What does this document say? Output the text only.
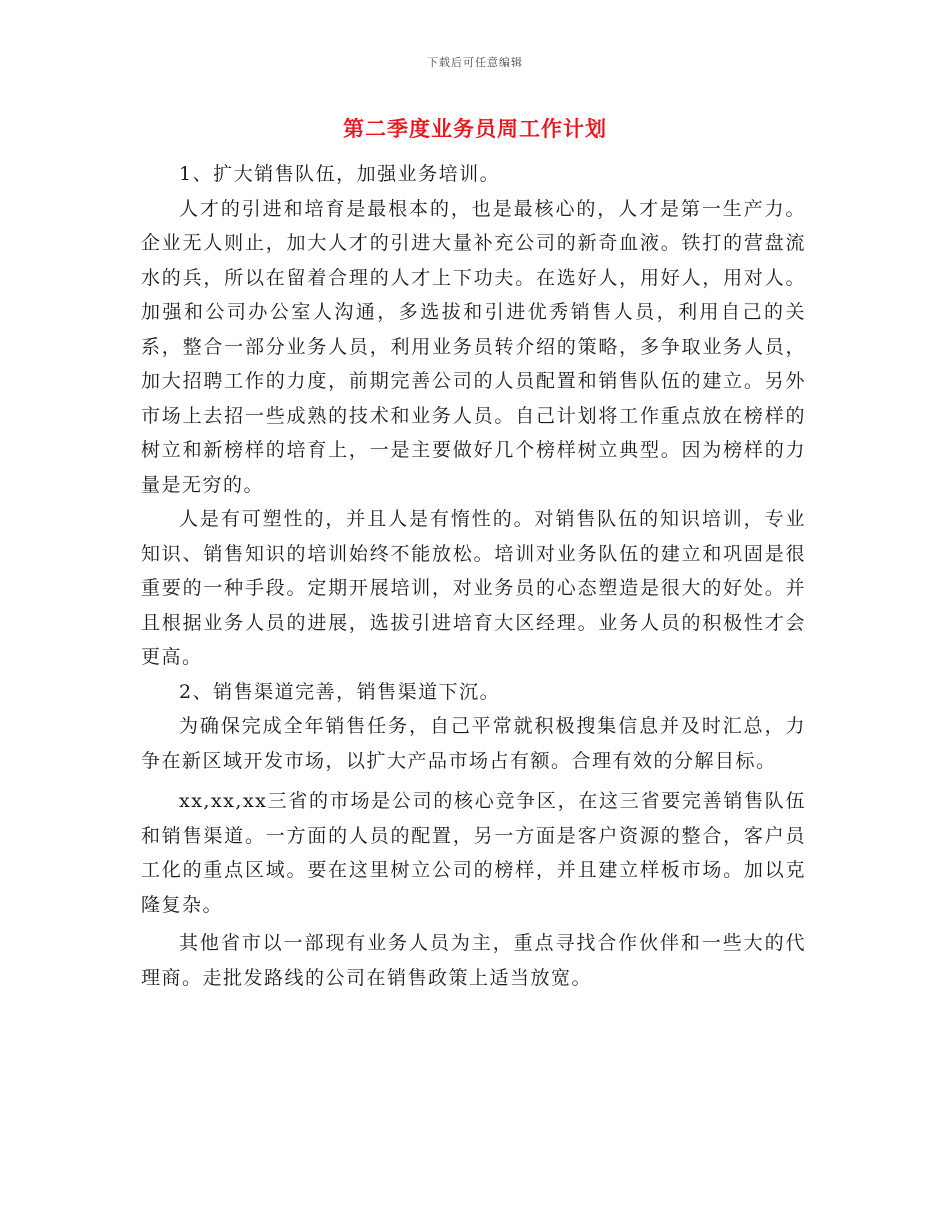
下载后可任意编辑
第二季度业务员周工作计划

1、扩大销售队伍，加强业务培训。

人才的引进和培育是最根本的，也是最核心的，人才是第一生产力。企业无人则止，加大人才的引进大量补充公司的新奇血液。铁打的营盘流水的兵，所以在留着合理的人才上下功夫。在选好人，用好人，用对人。加强和公司办公室人沟通，多选拔和引进优秀销售人员，利用自己的关系，整合一部分业务人员，利用业务员转介绍的策略，多争取业务人员，加大招聘工作的力度，前期完善公司的人员配置和销售队伍的建立。另外市场上去招一些成熟的技术和业务人员。自己计划将工作重点放在榜样的树立和新榜样的培育上，一是主要做好几个榜样树立典型。因为榜样的力量是无穷的。

人是有可塑性的，并且人是有惰性的。对销售队伍的知识培训，专业知识、销售知识的培训始终不能放松。培训对业务队伍的建立和巩固是很重要的一种手段。定期开展培训，对业务员的心态塑造是很大的好处。并且根据业务人员的进展，选拔引进培育大区经理。业务人员的积极性才会更高。

2、销售渠道完善，销售渠道下沉。

为确保完成全年销售任务，自己平常就积极搜集信息并及时汇总，力争在新区域开发市场，以扩大产品市场占有额。合理有效的分解目标。

xx,xx,xx三省的市场是公司的核心竞争区，在这三省要完善销售队伍和销售渠道。一方面的人员的配置，另一方面是客户资源的整合，客户员工化的重点区域。要在这里树立公司的榜样，并且建立样板市场。加以克隆复杂。

其他省市以一部现有业务人员为主，重点寻找合作伙伴和一些大的代理商。走批发路线的公司在销售政策上适当放宽。
